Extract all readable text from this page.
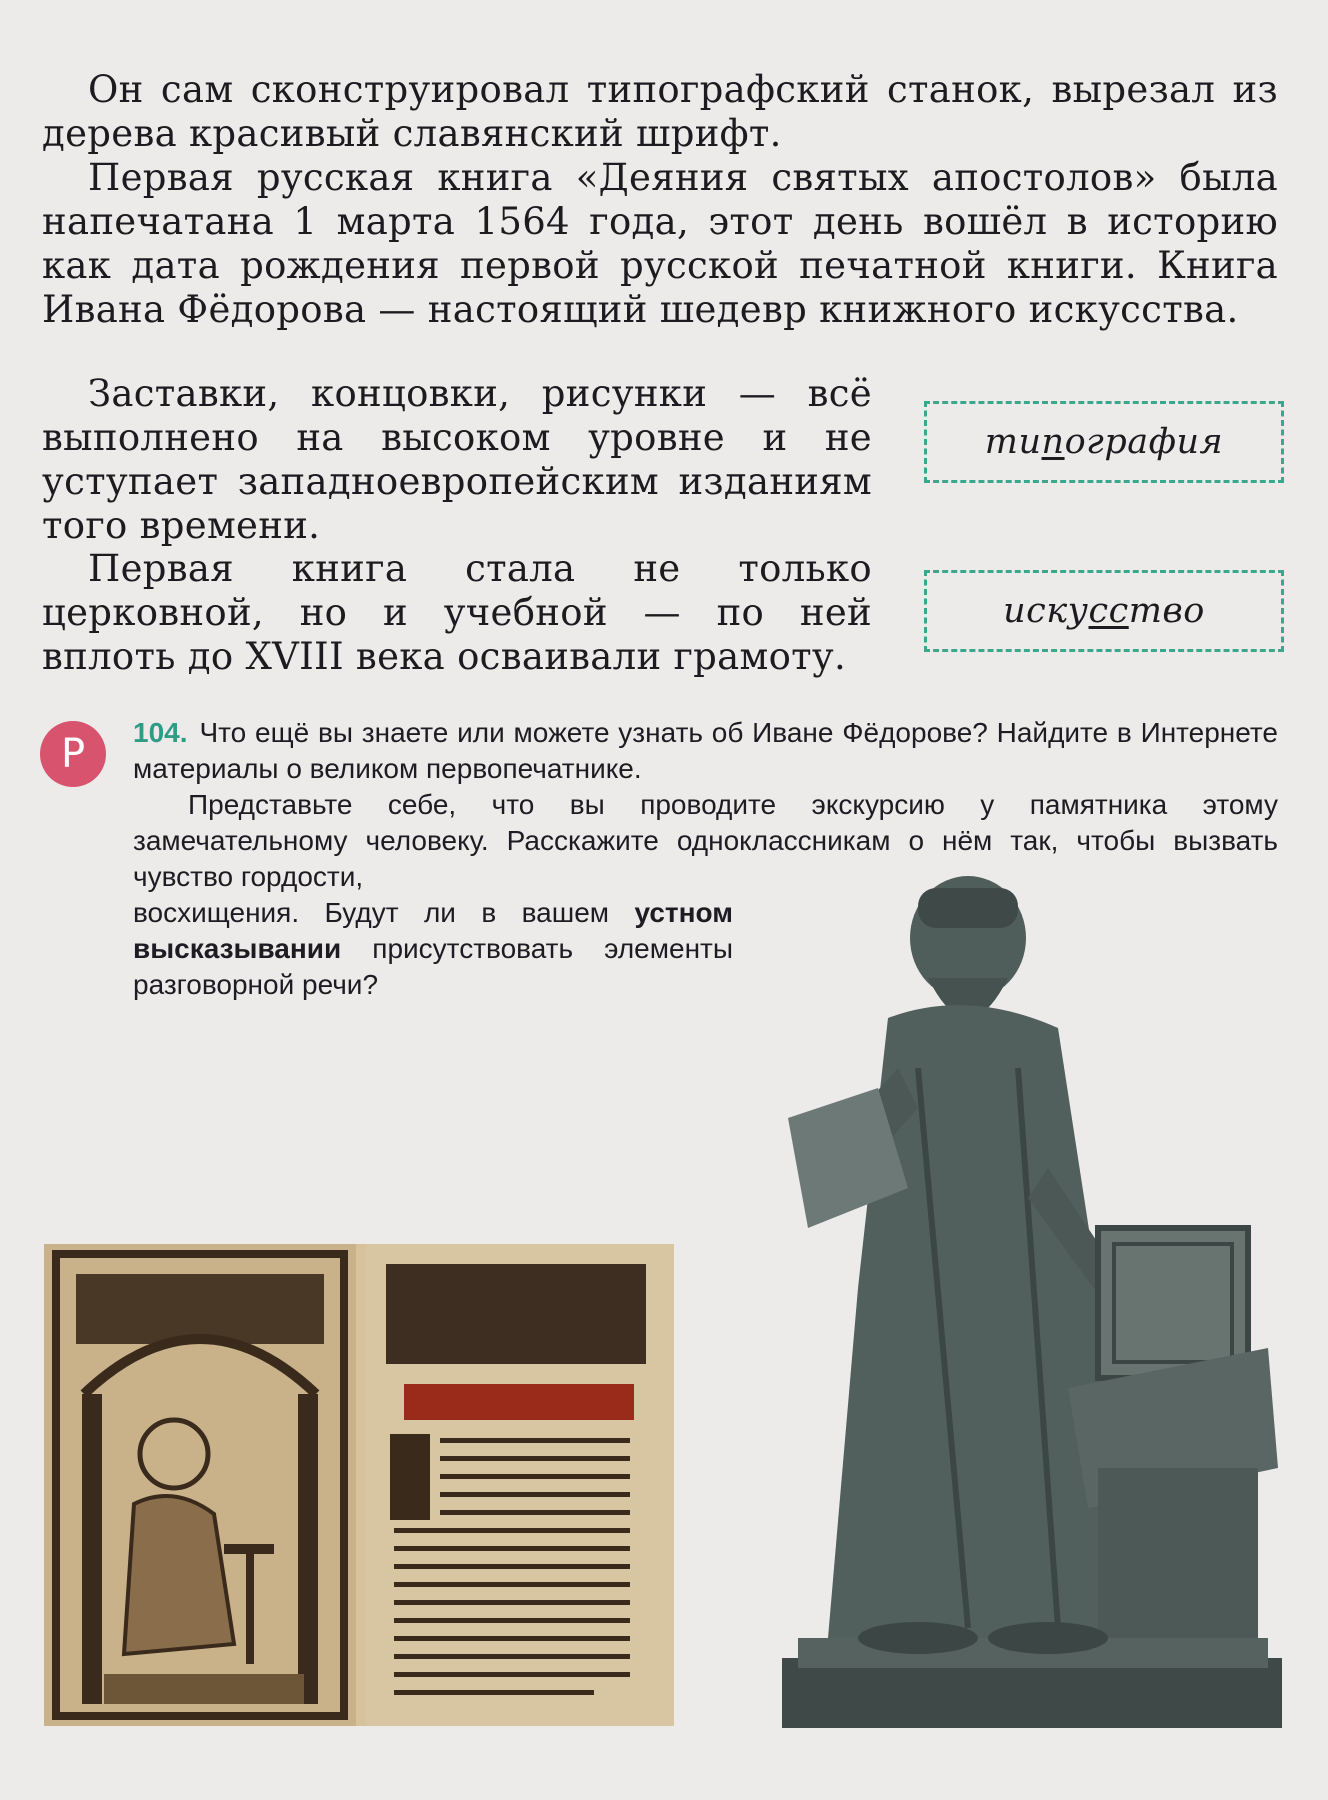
Он сам сконструировал типографский станок, вырезал из дерева красивый славянский шрифт.

Первая русская книга «Деяния святых апостолов» была напечатана 1 марта 1564 года, этот день вошёл в историю как дата рождения первой русской печатной книги. Книга Ивана Фёдорова — настоящий шедевр книжного искусства.

Заставки, концовки, рисунки — всё выполнено на высоком уровне и не уступает западноевропейским изданиям того времени.

Первая книга стала не только церковной, но и учебной — по ней вплоть до XVIII века осваивали грамоту.

ти п ография
иску сс тво
Р	104. Что ещё вы знаете или можете узнать об Иване Фёдорове? Найдите в Интернете материалы о великом первопечатнике.

Представьте себе, что вы проводите экскурсию у памятника этому замечательному человеку. Расскажите одноклассникам о нём так, чтобы вызвать чувство гордости,

восхищения. Будут ли в вашем устном высказывании присутствовать элементы разговорной речи?
